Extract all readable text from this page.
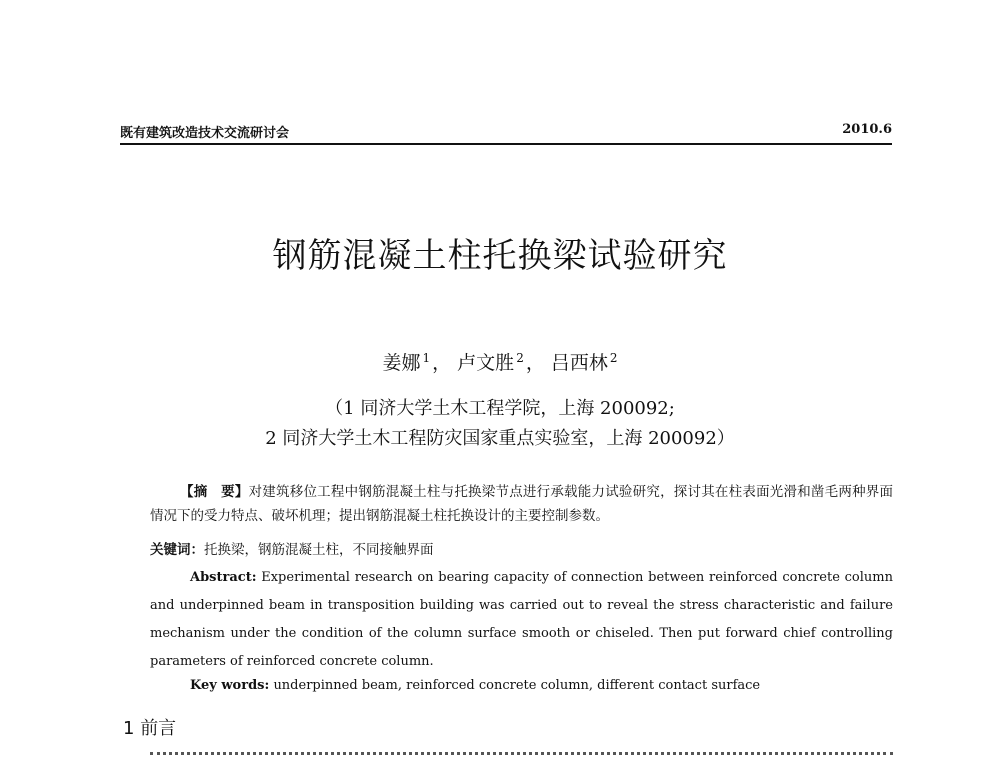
既有建筑改造技术交流研讨会	2010.6
钢筋混凝土柱托换梁试验研究
姜娜 $^1$ ， 卢文胜 $^2$ ， 吕西林 $^2$
（1 同济大学土木工程学院，上海 200092;
2 同济大学土木工程防灾国家重点实验室，上海 200092）
【摘　要】对建筑移位工程中钢筋混凝土柱与托换梁节点进行承载能力试验研究，探讨其在柱表面光滑和凿毛两种界面情况下的受力特点、破坏机理；提出钢筋混凝土柱托换设计的主要控制参数。
关键词：托换梁，钢筋混凝土柱，不同接触界面
Abstract: Experimental research on bearing capacity of connection between reinforced concrete column and underpinned beam in transposition building was carried out to reveal the stress characteristic and failure mechanism under the condition of the column surface smooth or chiseled. Then put forward chief controlling parameters of reinforced concrete column.
Key words: underpinned beam, reinforced concrete column, different contact surface
1 前言
